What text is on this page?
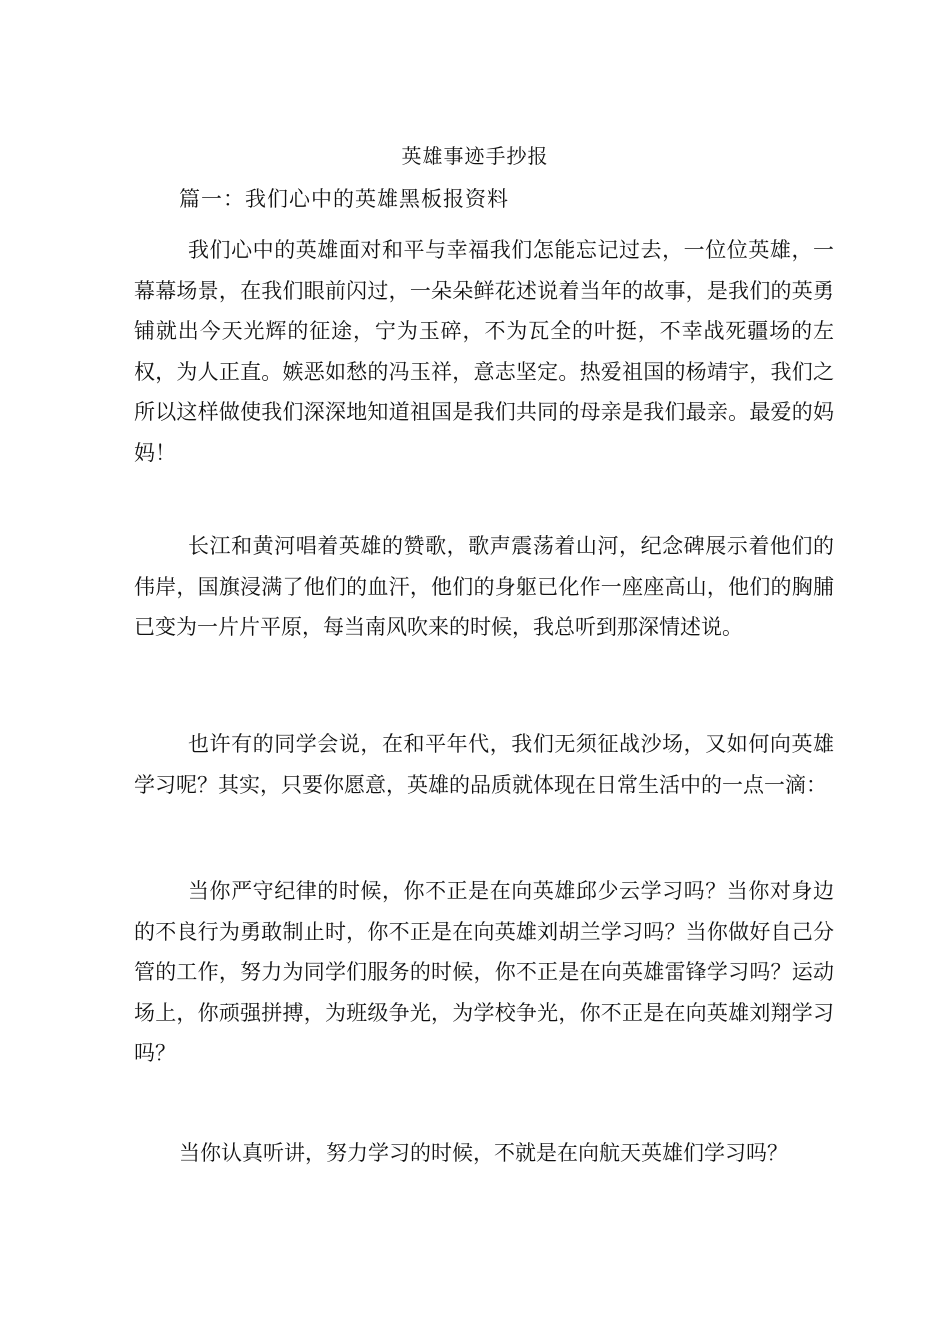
英雄事迹手抄报
篇一：我们心中的英雄黑板报资料

我们心中的英雄面对和平与幸福我们怎能忘记过去，一位位英雄，一幕幕场景，在我们眼前闪过，一朵朵鲜花述说着当年的故事，是我们的英勇铺就出今天光辉的征途，宁为玉碎，不为瓦全的叶挺，不幸战死疆场的左权，为人正直。嫉恶如愁的冯玉祥，意志坚定。热爱祖国的杨靖宇，我们之所以这样做使我们深深地知道祖国是我们共同的母亲是我们最亲。最爱的妈妈！

长江和黄河唱着英雄的赞歌，歌声震荡着山河，纪念碑展示着他们的伟岸，国旗浸满了他们的血汗，他们的身躯已化作一座座高山，他们的胸脯已变为一片片平原，每当南风吹来的时候，我总听到那深情述说。

也许有的同学会说，在和平年代，我们无须征战沙场，又如何向英雄学习呢？其实，只要你愿意，英雄的品质就体现在日常生活中的一点一滴：

当你严守纪律的时候，你不正是在向英雄邱少云学习吗？当你对身边的不良行为勇敢制止时，你不正是在向英雄刘胡兰学习吗？当你做好自己分管的工作，努力为同学们服务的时候，你不正是在向英雄雷锋学习吗？运动场上，你顽强拼搏，为班级争光，为学校争光，你不正是在向英雄刘翔学习吗？

当你认真听讲，努力学习的时候，不就是在向航天英雄们学习吗？
